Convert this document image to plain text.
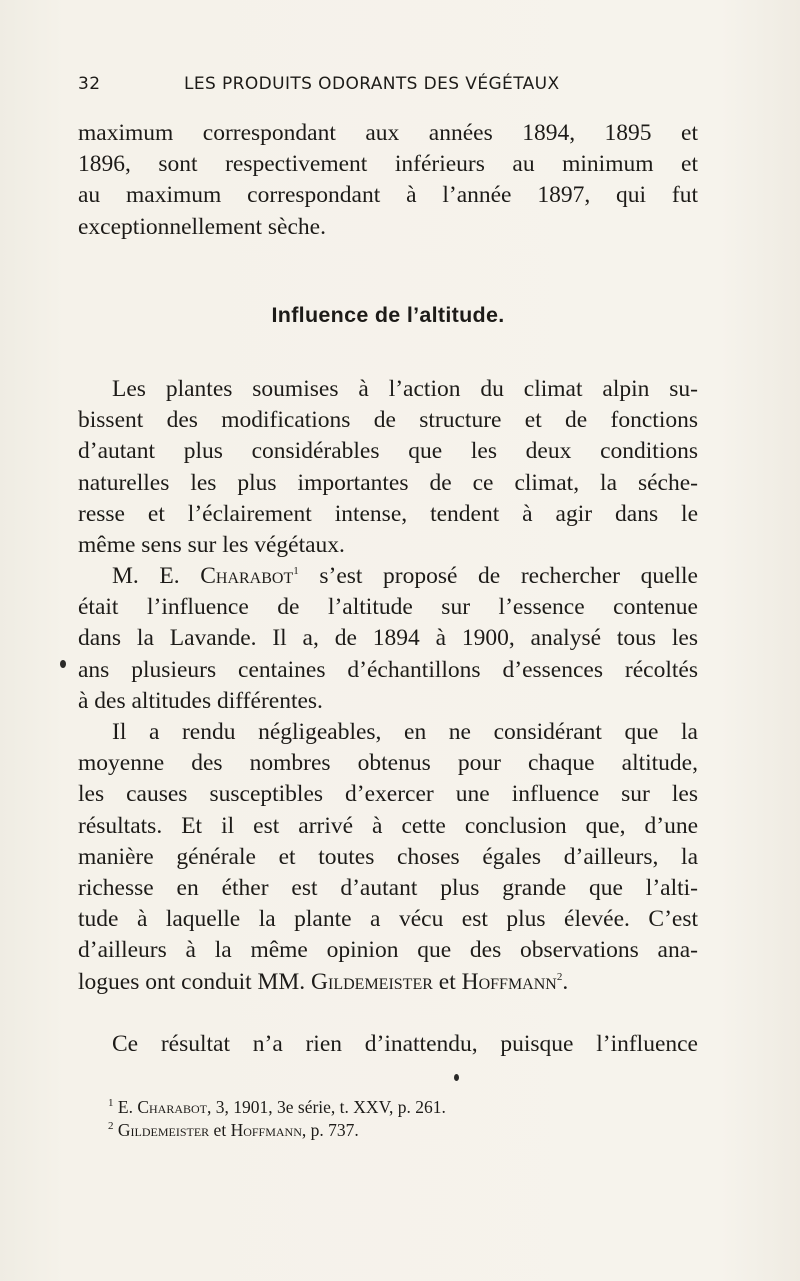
32	LES PRODUITS ODORANTS DES VÉGÉTAUX
maximum correspondant aux années 1894, 1895 et
1896, sont respectivement inférieurs au minimum et
au maximum correspondant à l’année 1897, qui fut
exceptionnellement sèche.
Influence de l’altitude.
Les plantes soumises à l’action du climat alpin su-
bissent des modifications de structure et de fonctions
d’autant plus considérables que les deux conditions
naturelles les plus importantes de ce climat, la séche-
resse et l’éclairement intense, tendent à agir dans le
même sens sur les végétaux.
M. E. Charabot$^1$ s’est proposé de rechercher quelle
était l’influence de l’altitude sur l’essence contenue
dans la Lavande. Il a, de 1894 à 1900, analysé tous les
ans plusieurs centaines d’échantillons d’essences récoltés
à des altitudes différentes.
Il a rendu négligeables, en ne considérant que la
moyenne des nombres obtenus pour chaque altitude,
les causes susceptibles d’exercer une influence sur les
résultats. Et il est arrivé à cette conclusion que, d’une
manière générale et toutes choses égales d’ailleurs, la
richesse en éther est d’autant plus grande que l’alti-
tude à laquelle la plante a vécu est plus élevée. C’est
d’ailleurs à la même opinion que des observations ana-
logues ont conduit MM. Gildemeister et Hoffmann$^2$.
Ce résultat n’a rien d’inattendu, puisque l’influence
$^1$ E. Charabot, 3, 1901, 3e série, t. XXV, p. 261.
$^2$ Gildemeister et Hoffmann, p. 737.
